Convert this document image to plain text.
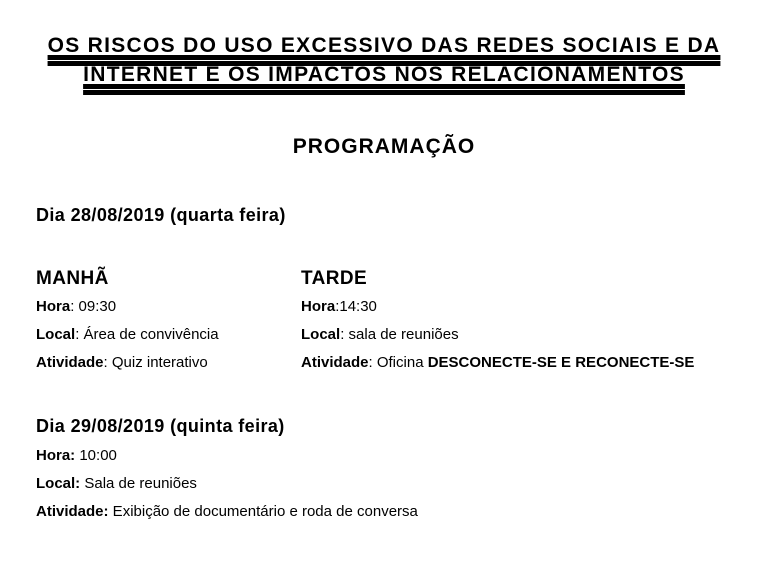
OS RISCOS DO USO EXCESSIVO DAS REDES SOCIAIS E DA
INTERNET E OS IMPACTOS NOS RELACIONAMENTOS
PROGRAMAÇÃO
Dia 28/08/2019 (quarta feira)

MANHÃ

Hora: 09:30

Local: Área de convivência

Atividade: Quiz interativo

TARDE

Hora:14:30

Local: sala de reuniões

Atividade: Oficina DESCONECTE-SE E RECONECTE-SE

Dia 29/08/2019 (quinta feira)

Hora: 10:00

Local: Sala de reuniões

Atividade: Exibição de documentário e roda de conversa
